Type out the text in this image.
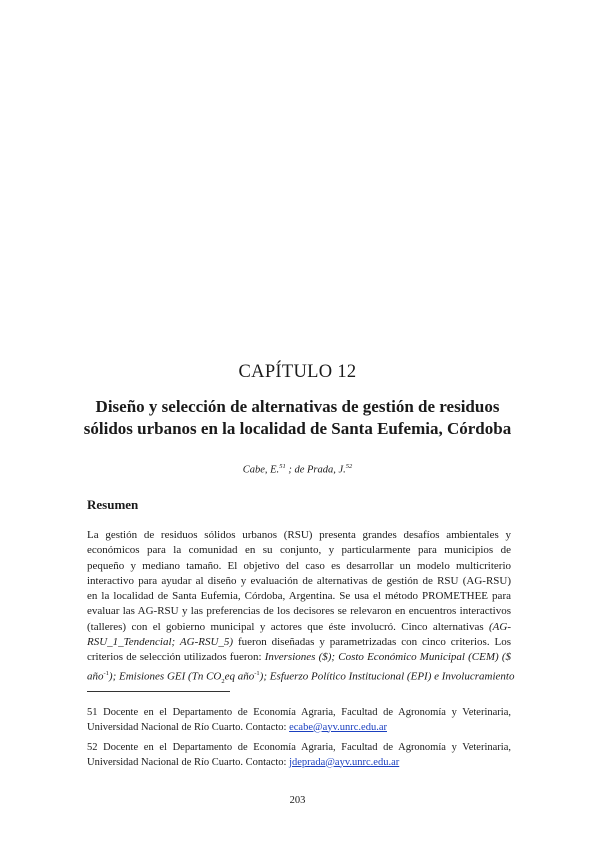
CAPÍTULO 12
Diseño y selección de alternativas de gestión de residuos
sólidos urbanos en la localidad de Santa Eufemia, Córdoba
Cabe, E.$^{51}$ ; de Prada, J.$^{52}$
Resumen
La gestión de residuos sólidos urbanos (RSU) presenta grandes desafíos ambientales y
económicos para la comunidad en su conjunto, y particularmente para municipios de
pequeño y mediano tamaño. El objetivo del caso es desarrollar un modelo multicriterio
interactivo para ayudar al diseño y evaluación de alternativas de gestión de RSU (AG-RSU)
en la localidad de Santa Eufemia, Córdoba, Argentina. Se usa el método PROMETHEE para
evaluar las AG-RSU y las preferencias de los decisores se relevaron en encuentros interactivos
(talleres) con el gobierno municipal y actores que éste involucró. Cinco alternativas (AG-
RSU_1_Tendencial; AG-RSU_5) fueron diseñadas y parametrizadas con cinco criterios. Los
criterios de selección utilizados fueron: Inversiones ($); Costo Económico Municipal (CEM) ($
año$^{-1}$); Emisiones GEI (Tn $CO_2eq$ año$^{-1}$); Esfuerzo Político Institucional (EPI) e Involucramiento
51 Docente en el Departamento de Economía Agraria, Facultad de Agronomía y Veterinaria,
Universidad Nacional de Río Cuarto. Contacto: ecabe@ayv.unrc.edu.ar
52 Docente en el Departamento de Economía Agraria, Facultad de Agronomía y Veterinaria,
Universidad Nacional de Río Cuarto. Contacto: jdeprada@ayv.unrc.edu.ar
203
